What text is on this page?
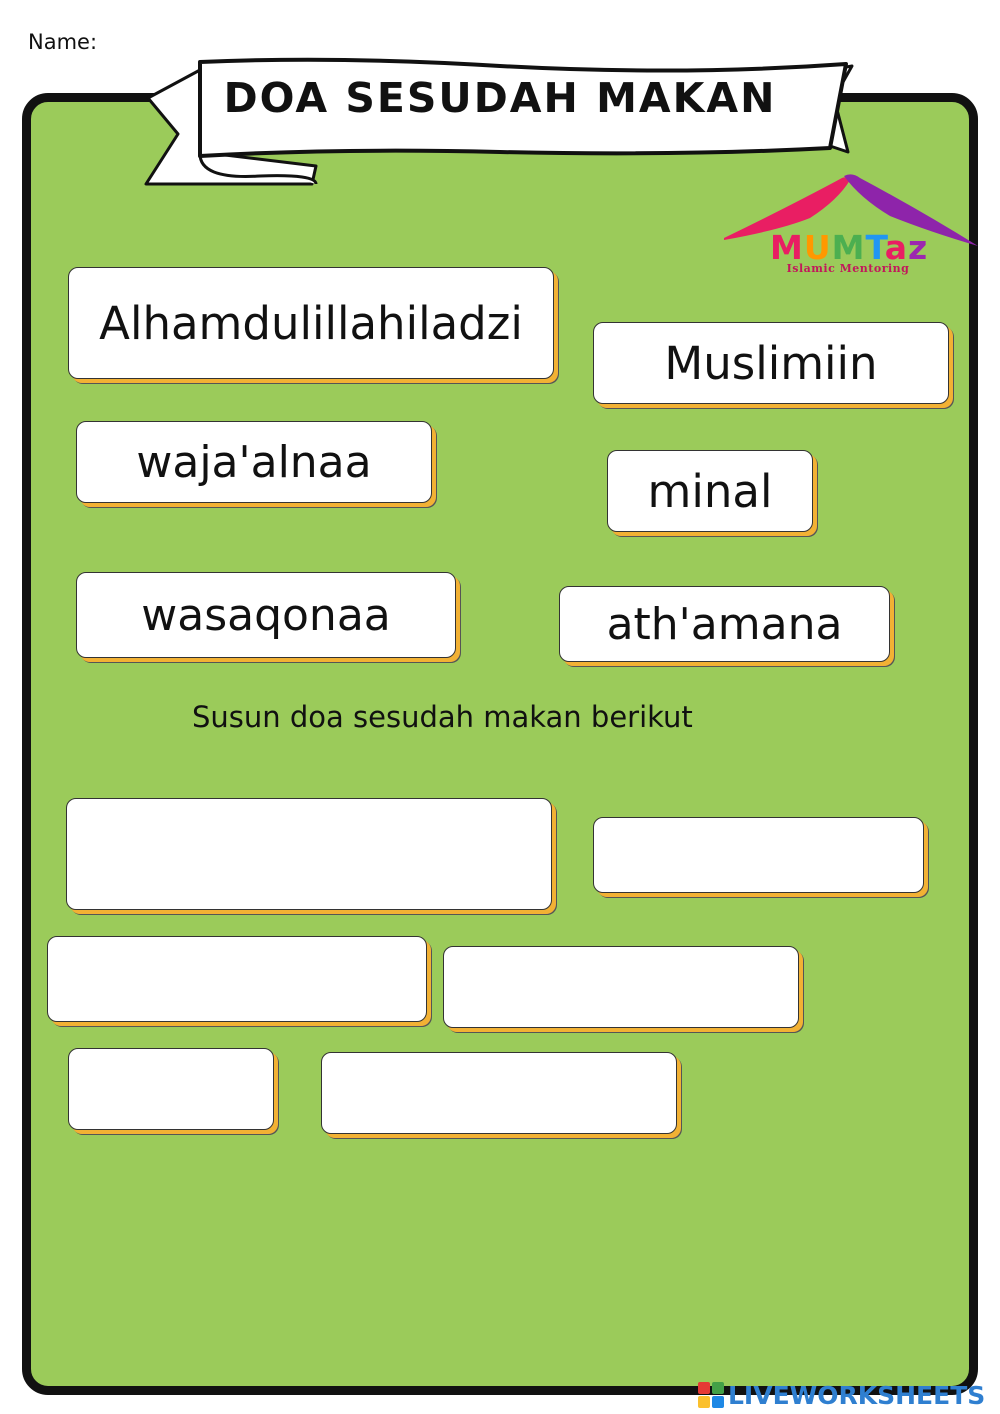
Name:
DOA SESUDAH MAKAN
MUMTaz
Islamic Mentoring
Alhamdulillahiladzi
Muslimiin
waja'alnaa
minal
wasaqonaa	ath'amana
Susun doa sesudah makan berikut
LIVEWORKSHEETS
